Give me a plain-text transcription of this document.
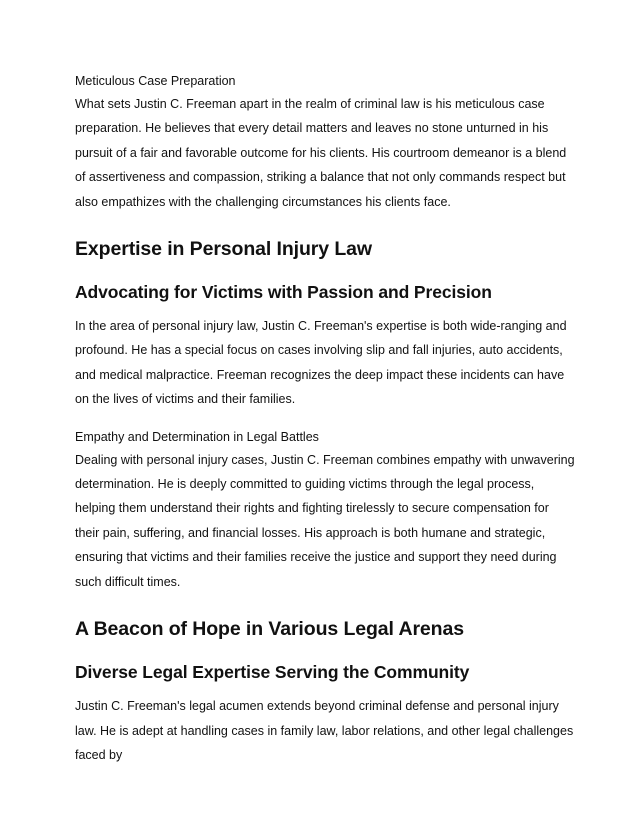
Meticulous Case Preparation

What sets Justin C. Freeman apart in the realm of criminal law is his meticulous case preparation. He believes that every detail matters and leaves no stone unturned in his pursuit of a fair and favorable outcome for his clients. His courtroom demeanor is a blend of assertiveness and compassion, striking a balance that not only commands respect but also empathizes with the challenging circumstances his clients face.

Expertise in Personal Injury Law
Advocating for Victims with Passion and Precision

In the area of personal injury law, Justin C. Freeman's expertise is both wide-ranging and profound. He has a special focus on cases involving slip and fall injuries, auto accidents, and medical malpractice. Freeman recognizes the deep impact these incidents can have on the lives of victims and their families.

Empathy and Determination in Legal Battles

Dealing with personal injury cases, Justin C. Freeman combines empathy with unwavering determination. He is deeply committed to guiding victims through the legal process, helping them understand their rights and fighting tirelessly to secure compensation for their pain, suffering, and financial losses. His approach is both humane and strategic, ensuring that victims and their families receive the justice and support they need during such difficult times.

A Beacon of Hope in Various Legal Arenas
Diverse Legal Expertise Serving the Community

Justin C. Freeman's legal acumen extends beyond criminal defense and personal injury law. He is adept at handling cases in family law, labor relations, and other legal challenges faced by
